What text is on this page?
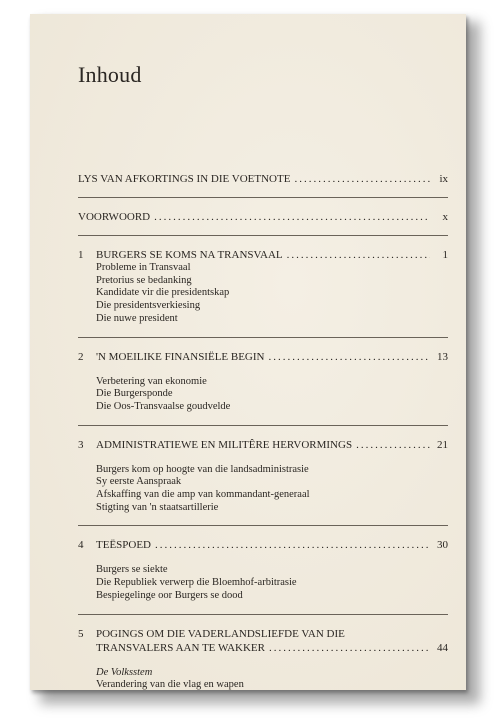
Inhoud
LYS VAN AFKORTINGS IN DIE VOETNOTE .....	ix
VOORWOORD .....	x
1	BURGERS SE KOMS NA TRANSVAAL .....	1
Probleme in Transvaal
Pretorius se bedanking
Kandidate vir die presidentskap
Die presidentsverkiesing
Die nuwe president
2	'N MOEILIKE FINANSIËLE BEGIN .....	13
Verbetering van ekonomie
Die Burgersponde
Die Oos-Transvaalse goudvelde
3	ADMINISTRATIEWE EN MILITÊRE HERVORMINGS .....	21
Burgers kom op hoogte van die landsadministrasie
Sy eerste Aanspraak
Afskaffing van die amp van kommandant-generaal
Stigting van 'n staatsartillerie
4	TEËSPOED .....	30
Burgers se siekte
Die Republiek verwerp die Bloemhof-arbitrasie
Bespiegelinge oor Burgers se dood
5	POGINGS OM DIE VADERLANDSLIEFDE VAN DIE
TRANSVALERS AAN TE WAKKER .....	44
De Volksstem
Verandering van die vlag en wapen
